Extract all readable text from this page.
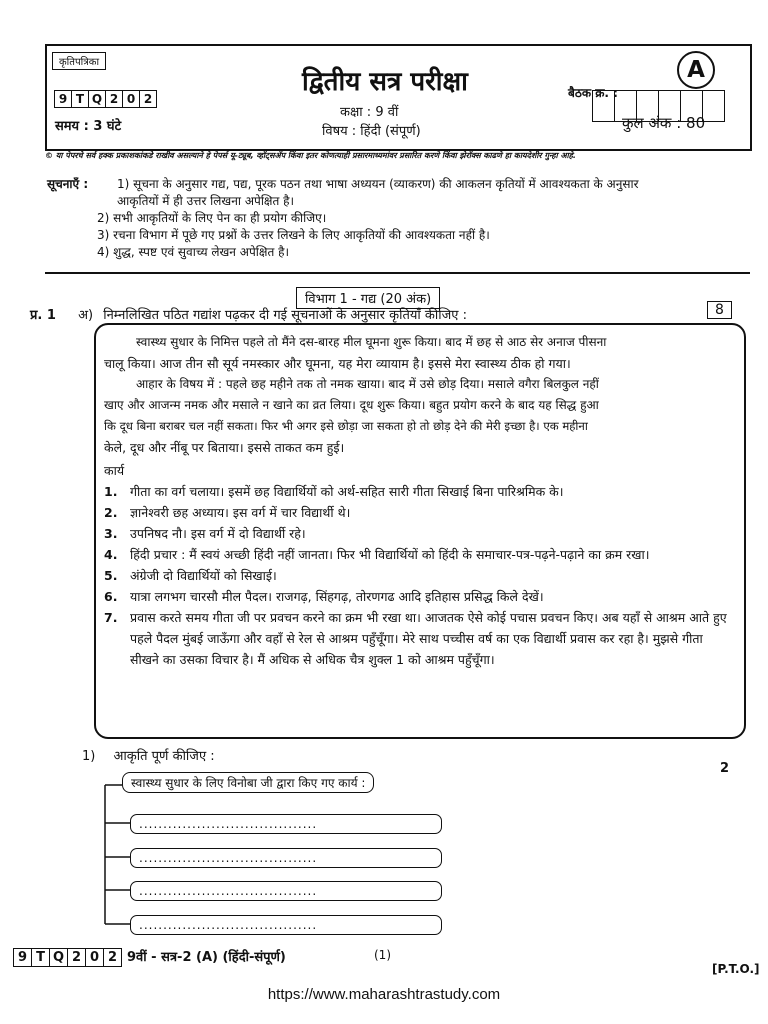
कृतिपत्रिका
9 T Q 2 0 2
समय : 3 घंटे
द्वितीय सत्र परीक्षा
कक्षा : 9 वीं
विषय : हिंदी (संपूर्ण)
बैठक क्र. :
A
कुल अंक : 80
© या पेपरचे सर्व हक्क प्रकाशकांकडे राखीव असल्याने हे पेपर्स यू-ट्यूब, व्हॉट्सॲप किंवा इतर कोणत्याही प्रसारमाध्यमांवर प्रसारित करणे किंवा झेरॉक्स काढणे हा कायदेशीर गुन्हा आहे.
सूचनाएँ :	1) सूचना के अनुसार गद्य, पद्य, पूरक पठन तथा भाषा अध्ययन (व्याकरण) की आकलन कृतियों में आवश्यकता के अनुसार
आकृतियों में ही उत्तर लिखना अपेक्षित है।
2) सभी आकृतियों के लिए पेन का ही प्रयोग कीजिए।
3) रचना विभाग में पूछे गए प्रश्नों के उत्तर लिखने के लिए आकृतियों की आवश्यकता नहीं है।
4) शुद्ध, स्पष्ट एवं सुवाच्य लेखन अपेक्षित है।
विभाग 1 - गद्य (20 अंक)
प्र. 1 अ) निम्नलिखित पठित गद्यांश पढ़कर दी गई सूचनाओं के अनुसार कृतियाँ कीजिए :	8
स्वास्थ्य सुधार के निमित्त पहले तो मैंने दस-बारह मील घूमना शुरू किया। बाद में छह से आठ सेर अनाज पीसना
चालू किया। आज तीन सौ सूर्य नमस्कार और घूमना, यह मेरा व्यायाम है। इससे मेरा स्वास्थ्य ठीक हो गया।
आहार के विषय में : पहले छह महीने तक तो नमक खाया। बाद में उसे छोड़ दिया। मसाले वगैरा बिलकुल नहीं
खाए और आजन्म नमक और मसाले न खाने का व्रत लिया। दूध शुरू किया। बहुत प्रयोग करने के बाद यह सिद्ध हुआ
कि दूध बिना बराबर चल नहीं सकता। फिर भी अगर इसे छोड़ा जा सकता हो तो छोड़ देने की मेरी इच्छा है। एक महीना
केले, दूध और नींबू पर बिताया। इससे ताकत कम हुई।
कार्य
1.	गीता का वर्ग चलाया। इसमें छह विद्यार्थियों को अर्थ-सहित सारी गीता सिखाई बिना पारिश्रमिक के।
2.	ज्ञानेश्वरी छह अध्याय। इस वर्ग में चार विद्यार्थी थे।
3.	उपनिषद नौ। इस वर्ग में दो विद्यार्थी रहे।
4.	हिंदी प्रचार : मैं स्वयं अच्छी हिंदी नहीं जानता। फिर भी विद्यार्थियों को हिंदी के समाचार-पत्र-पढ़ने-पढ़ाने का क्रम रखा।
5.	अंग्रेजी दो विद्यार्थियों को सिखाई।
6.	यात्रा लगभग चारसौ मील पैदल। राजगढ़, सिंहगढ़, तोरणगढ आदि इतिहास प्रसिद्ध किले देखें।
7.	प्रवास करते समय गीता जी पर प्रवचन करने का क्रम भी रखा था। आजतक ऐसे कोई पचास प्रवचन किए। अब यहाँ से आश्रम आते हुए पहले पैदल मुंबई जाऊँगा और वहाँ से रेल से आश्रम पहुँचूँगा। मेरे साथ पच्चीस वर्ष का एक विद्यार्थी प्रवास कर रहा है। मुझसे गीता सीखने का उसका विचार है। मैं अधिक से अधिक चैत्र शुक्ल 1 को आश्रम पहुँचूँगा।
1) आकृति पूर्ण कीजिए :
2
स्वास्थ्य सुधार के लिए विनोबा जी द्वारा किए गए कार्य :
.....................................
.....................................
.....................................
.....................................
9 T Q 2 0 2 9वीं - सत्र-2 (A) (हिंदी-संपूर्ण)	(1)
[P.T.O.]
https://www.maharashtrastudy.com
